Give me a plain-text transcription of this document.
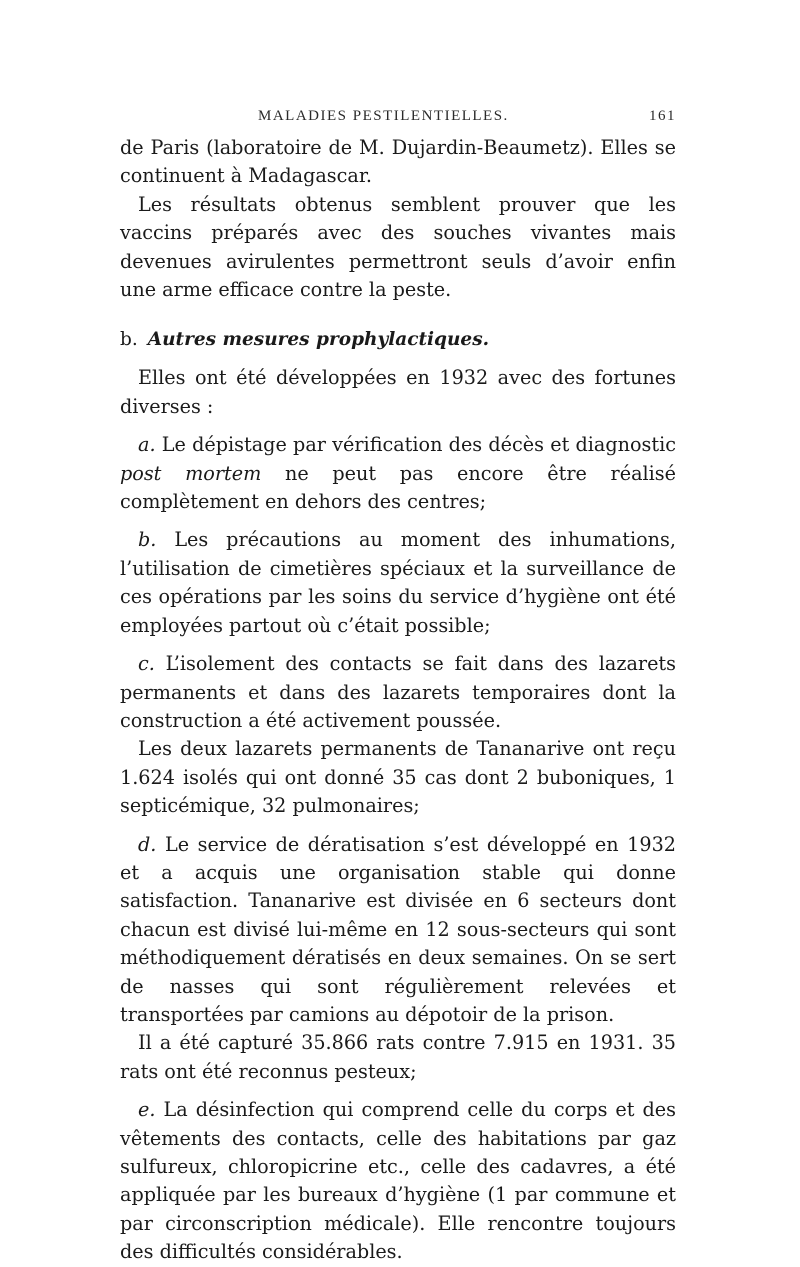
MALADIES PESTILENTIELLES.	161

de Paris (laboratoire de M. Dujardin-Beaumetz). Elles se continuent à Madagascar.

Les résultats obtenus semblent prouver que les vaccins préparés avec des souches vivantes mais devenues avirulentes permettront seuls d’avoir enfin une arme efficace contre la peste.

b. Autres mesures prophylactiques.

Elles ont été développées en 1932 avec des fortunes diverses :

a. Le dépistage par vérification des décès et diagnostic post mortem ne peut pas encore être réalisé complètement en dehors des centres;

b. Les précautions au moment des inhumations, l’utilisation de cimetières spéciaux et la surveillance de ces opérations par les soins du service d’hygiène ont été employées partout où c’était possible;

c. L’isolement des contacts se fait dans des lazarets permanents et dans des lazarets temporaires dont la construction a été activement poussée.

Les deux lazarets permanents de Tananarive ont reçu 1.624 isolés qui ont donné 35 cas dont 2 buboniques, 1 septicémique, 32 pulmonaires;

d. Le service de dératisation s’est développé en 1932 et a acquis une organisation stable qui donne satisfaction. Tananarive est divisée en 6 secteurs dont chacun est divisé lui-même en 12 sous-secteurs qui sont méthodiquement dératisés en deux semaines. On se sert de nasses qui sont régulièrement relevées et transportées par camions au dépotoir de la prison.

Il a été capturé 35.866 rats contre 7.915 en 1931. 35 rats ont été reconnus pesteux;

e. La désinfection qui comprend celle du corps et des vêtements des contacts, celle des habitations par gaz sulfureux, chloropicrine etc., celle des cadavres, a été appliquée par les bureaux d’hygiène (1 par commune et par circonscription médicale). Elle rencontre toujours des difficultés considérables.
